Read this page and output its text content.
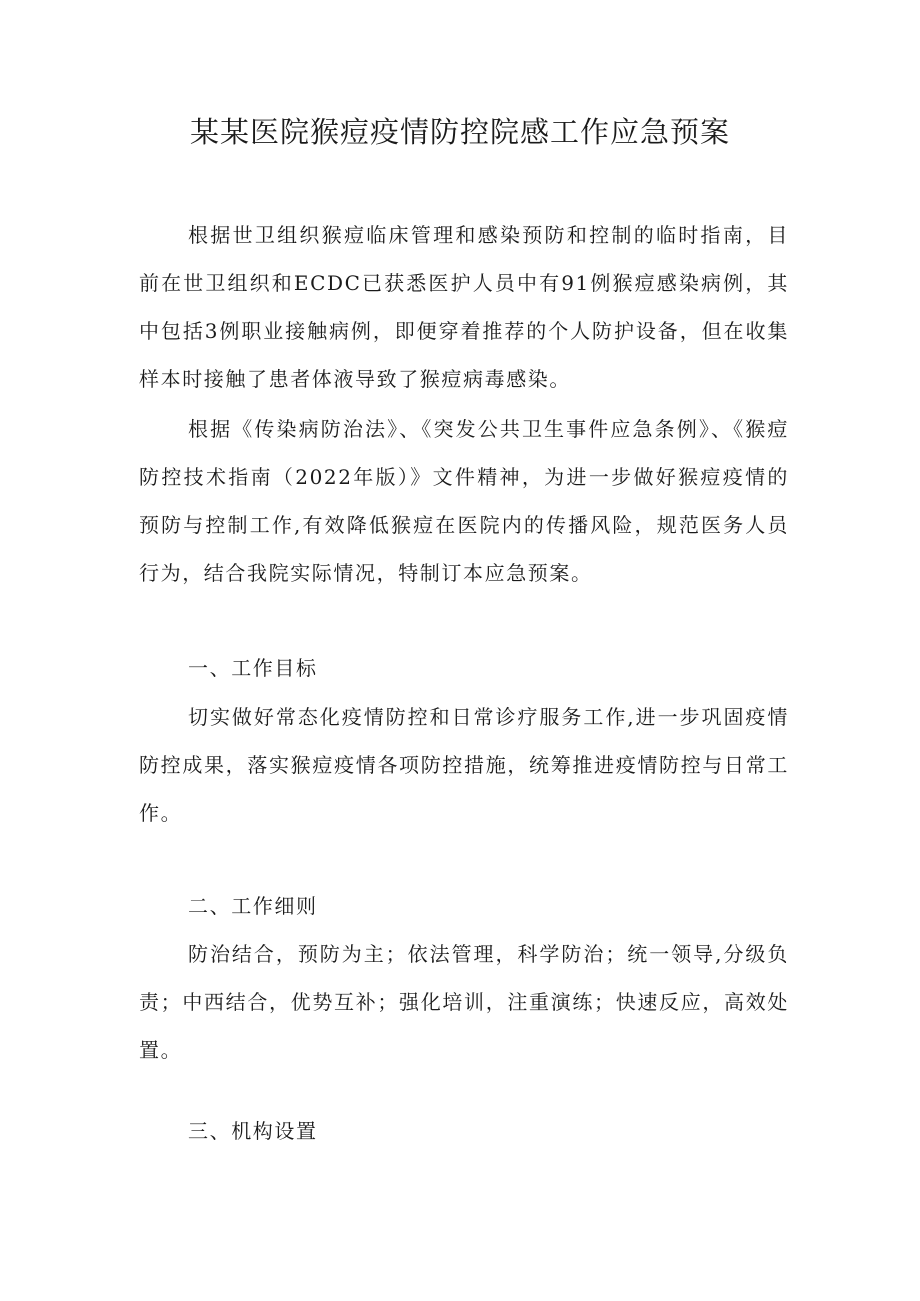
某某医院猴痘疫情防控院感工作应急预案

根据世卫组织猴痘临床管理和感染预防和控制的临时指南，目前在世卫组织和ECDC已获悉医护人员中有91例猴痘感染病例，其中包括3例职业接触病例，即便穿着推荐的个人防护设备，但在收集样本时接触了患者体液导致了猴痘病毒感染。

根据《传染病防治法》、《突发公共卫生事件应急条例》、《猴痘防控技术指南（2022年版）》文件精神，为进一步做好猴痘疫情的预防与控制工作,有效降低猴痘在医院内的传播风险，规范医务人员行为，结合我院实际情况，特制订本应急预案。

一、工作目标

切实做好常态化疫情防控和日常诊疗服务工作,进一步巩固疫情防控成果，落实猴痘疫情各项防控措施，统筹推进疫情防控与日常工作。

二、工作细则

防治结合，预防为主；依法管理，科学防治；统一领导,分级负责；中西结合，优势互补；强化培训，注重演练；快速反应，高效处置。

三、机构设置
